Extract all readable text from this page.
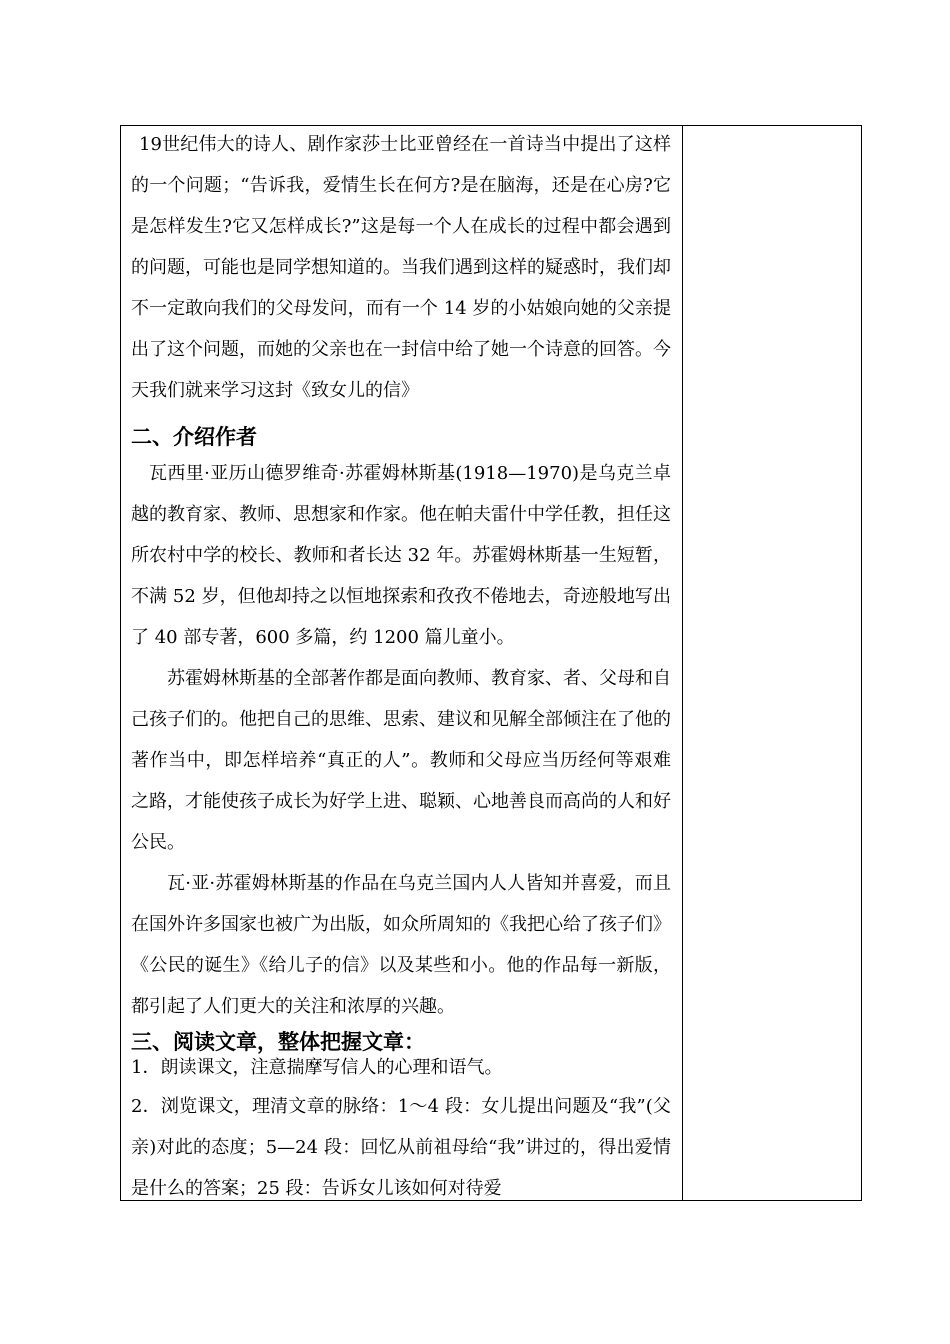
19世纪伟大的诗人、剧作家莎士比亚曾经在一首诗当中提出了这样的一个问题；“告诉我，爱情生长在何方?是在脑海，还是在心房?它是怎样发生?它又怎样成长?”这是每一个人在成长的过程中都会遇到的问题，可能也是同学想知道的。当我们遇到这样的疑惑时，我们却不一定敢向我们的父母发问，而有一个 14 岁的小姑娘向她的父亲提出了这个问题，而她的父亲也在一封信中给了她一个诗意的回答。今天我们就来学习这封《致女儿的信》

二、介绍作者

瓦西里·亚历山德罗维奇·苏霍姆林斯基(1918—1970)是乌克兰卓越的教育家、教师、思想家和作家。他在帕夫雷什中学任教，担任这所农村中学的校长、教师和者长达 32 年。苏霍姆林斯基一生短暂，不满 52 岁，但他却持之以恒地探索和孜孜不倦地去，奇迹般地写出了 40 部专著，600 多篇，约 1200 篇儿童小。

苏霍姆林斯基的全部著作都是面向教师、教育家、者、父母和自己孩子们的。他把自己的思维、思索、建议和见解全部倾注在了他的著作当中，即怎样培养“真正的人”。教师和父母应当历经何等艰难之路，才能使孩子成长为好学上进、聪颖、心地善良而高尚的人和好公民。

瓦·亚·苏霍姆林斯基的作品在乌克兰国内人人皆知并喜爱，而且在国外许多国家也被广为出版，如众所周知的《我把心给了孩子们》《公民的诞生》《给儿子的信》以及某些和小。他的作品每一新版，都引起了人们更大的关注和浓厚的兴趣。

三、阅读文章，整体把握文章：

1．朗读课文，注意揣摩写信人的心理和语气。

2．浏览课文，理清文章的脉络：1～4 段：女儿提出问题及“我”(父亲)对此的态度；5—24 段：回忆从前祖母给“我”讲过的，得出爱情是什么的答案；25 段：告诉女儿该如何对待爱
